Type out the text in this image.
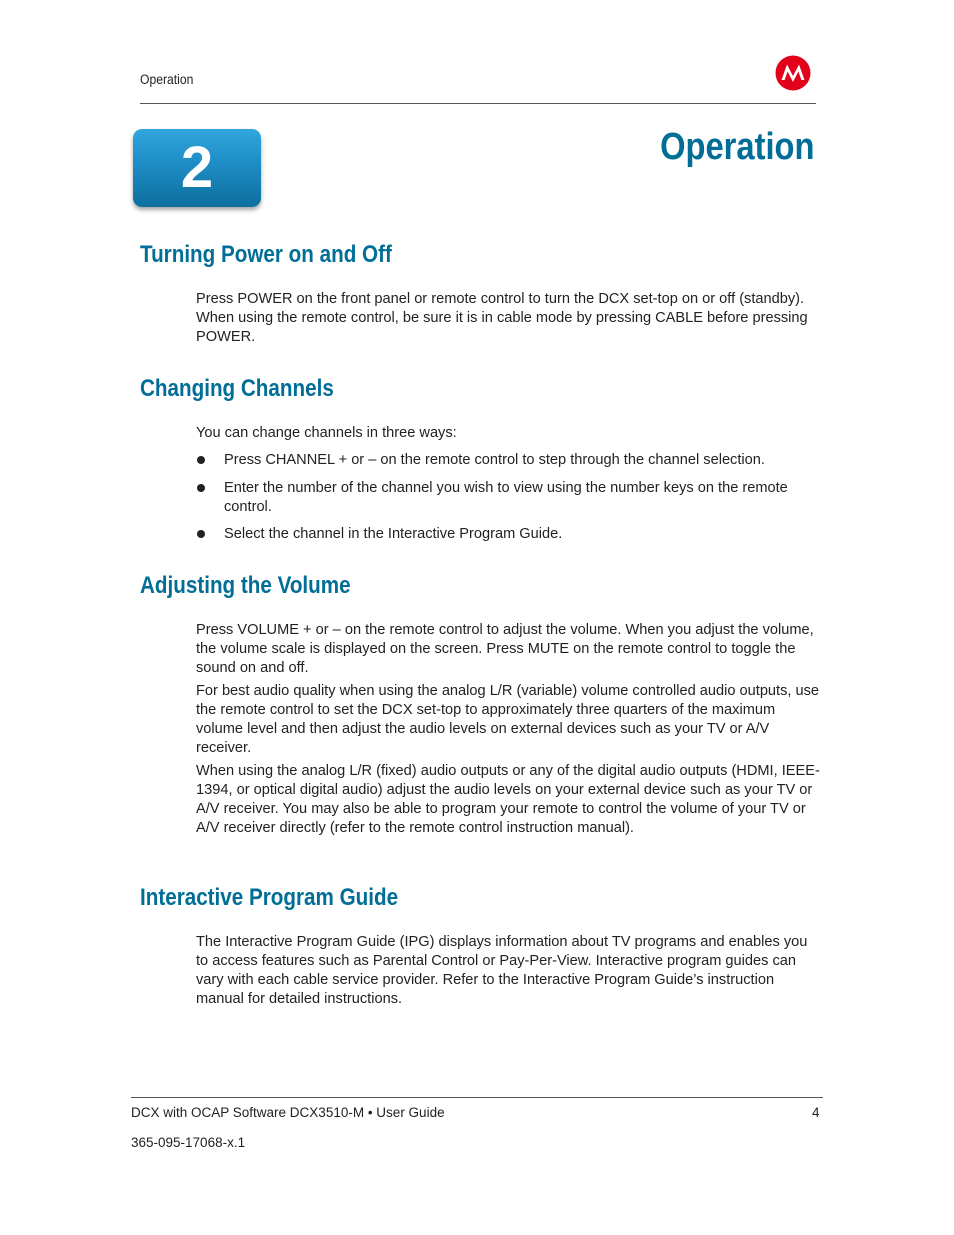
Operation
2	Operation
Turning Power on and Off

Press POWER on the front panel or remote control to turn the DCX set-top on or off (standby). When using the remote control, be sure it is in cable mode by pressing CABLE before pressing POWER.

Changing Channels

You can change channels in three ways:

Press CHANNEL + or – on the remote control to step through the channel selection.
Enter the number of the channel you wish to view using the number keys on the remote control.
Select the channel in the Interactive Program Guide.
Adjusting the Volume

Press VOLUME + or – on the remote control to adjust the volume. When you adjust the volume, the volume scale is displayed on the screen. Press MUTE on the remote control to toggle the sound on and off.

For best audio quality when using the analog L/R (variable) volume controlled audio outputs, use the remote control to set the DCX set-top to approximately three quarters of the maximum volume level and then adjust the audio levels on external devices such as your TV or A/V receiver.

When using the analog L/R (fixed) audio outputs or any of the digital audio outputs (HDMI, IEEE-1394, or optical digital audio) adjust the audio levels on your external device such as your TV or A/V receiver. You may also be able to program your remote to control the volume of your TV or A/V receiver directly (refer to the remote control instruction manual).

Interactive Program Guide

The Interactive Program Guide (IPG) displays information about TV programs and enables you to access features such as Parental Control or Pay-Per-View. Interactive program guides can vary with each cable service provider. Refer to the Interactive Program Guide’s instruction manual for detailed instructions.

DCX with OCAP Software DCX3510-M • User Guide	4
365-095-17068-x.1
